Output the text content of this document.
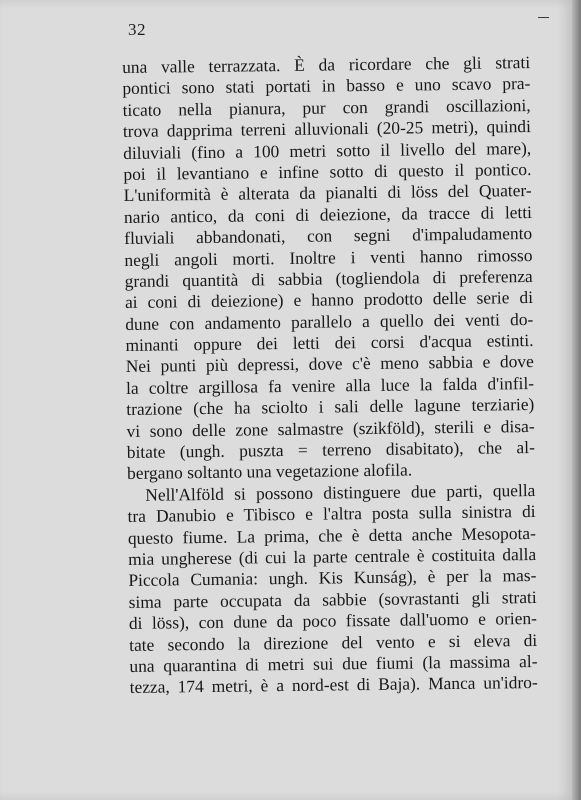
32
una valle terrazzata. È da ricordare che gli strati
pontici sono stati portati in basso e uno scavo pra-
ticato nella pianura, pur con grandi oscillazioni,
trova dapprima terreni alluvionali (20-25 metri), quindi
diluviali (fino a 100 metri sotto il livello del mare),
poi il levantiano e infine sotto di questo il pontico.
L'uniformità è alterata da pianalti di löss del Quater-
nario antico, da coni di deiezione, da tracce di letti
fluviali abbandonati, con segni d'impaludamento
negli angoli morti. Inoltre i venti hanno rimosso
grandi quantità di sabbia (togliendola di preferenza
ai coni di deiezione) e hanno prodotto delle serie di
dune con andamento parallelo a quello dei venti do-
minanti oppure dei letti dei corsi d'acqua estinti.
Nei punti più depressi, dove c'è meno sabbia e dove
la coltre argillosa fa venire alla luce la falda d'infil-
trazione (che ha sciolto i sali delle lagune terziarie)
vi sono delle zone salmastre (szikföld), sterili e disa-
bitate (ungh. puszta = terreno disabitato), che al-
bergano soltanto una vegetazione alofila.
Nell'Alföld si possono distinguere due parti, quella
tra Danubio e Tibisco e l'altra posta sulla sinistra di
questo fiume. La prima, che è detta anche Mesopota-
mia ungherese (di cui la parte centrale è costituita dalla
Piccola Cumania: ungh. Kis Kunság), è per la mas-
sima parte occupata da sabbie (sovrastanti gli strati
di löss), con dune da poco fissate dall'uomo e orien-
tate secondo la direzione del vento e si eleva di
una quarantina di metri sui due fiumi (la massima al-
tezza, 174 metri, è a nord-est di Baja). Manca un'idro-
